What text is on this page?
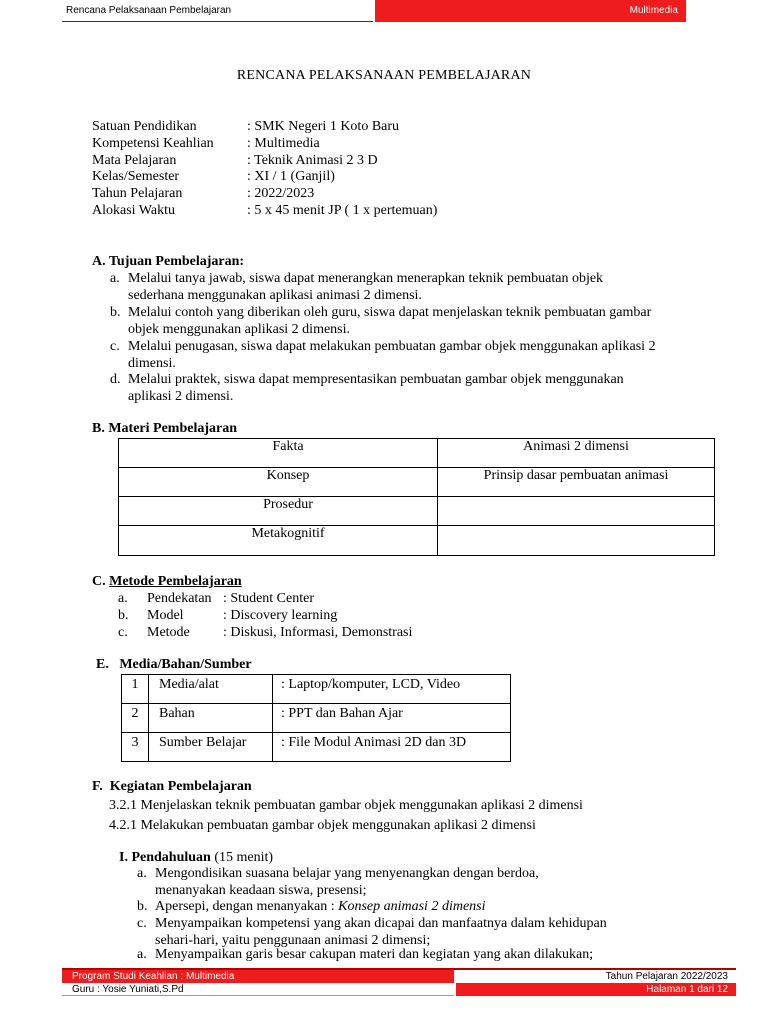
Rencana Pelaksanaan Pembelajaran	Multimedia
RENCANA PELAKSANAAN PEMBELAJARAN
Satuan Pendidikan	: SMK Negeri 1 Koto Baru
Kompetensi Keahlian	: Multimedia
Mata Pelajaran	: Teknik Animasi 2 3 D
Kelas/Semester	: XI / 1 (Ganjil)
Tahun Pelajaran	: 2022/2023
Alokasi Waktu	: 5 x 45 menit JP ( 1 x pertemuan)
A. Tujuan Pembelajaran:
a. Melalui tanya jawab, siswa dapat menerangkan menerapkan teknik pembuatan objek
sederhana menggunakan aplikasi animasi 2 dimensi.
b. Melalui contoh yang diberikan oleh guru, siswa dapat menjelaskan teknik pembuatan gambar
objek menggunakan aplikasi 2 dimensi.
c. Melalui penugasan, siswa dapat melakukan pembuatan gambar objek menggunakan aplikasi 2
dimensi.
d. Melalui praktek, siswa dapat mempresentasikan pembuatan gambar objek menggunakan
aplikasi 2 dimensi.
B. Materi Pembelajaran
Fakta	Animasi 2 dimensi
Konsep	Prinsip dasar pembuatan animasi
Prosedur	
Metakognitif	
C. Metode Pembelajaran
a. Pendekatan : Student Center
b. Model	: Discovery learning
c. Metode : Diskusi, Informasi, Demonstrasi
E.   Media/Bahan/Sumber
1	Media/alat	: Laptop/komputer, LCD, Video
2	Bahan	: PPT dan Bahan Ajar
3	Sumber Belajar	: File Modul Animasi 2D dan 3D
F.  Kegiatan Pembelajaran
3.2.1 Menjelaskan teknik pembuatan gambar objek menggunakan aplikasi 2 dimensi
4.2.1 Melakukan pembuatan gambar objek menggunakan aplikasi 2 dimensi
I. Pendahuluan (15 menit)
a. Mengondisikan suasana belajar yang menyenangkan dengan berdoa,
menanyakan keadaan siswa, presensi;
b. Apersepi, dengan menanyakan : Konsep animasi 2 dimensi
c. Menyampaikan kompetensi yang akan dicapai dan manfaatnya dalam kehidupan
sehari-hari, yaitu penggunaan animasi 2 dimensi;
a. Menyampaikan garis besar cakupan materi dan kegiatan yang akan dilakukan;
Program Studi Keahlian : Multimedia	Tahun Pelajaran 2022/2023
Guru : Yosie Yuniati,S.Pd	Halaman 1 dari 12
